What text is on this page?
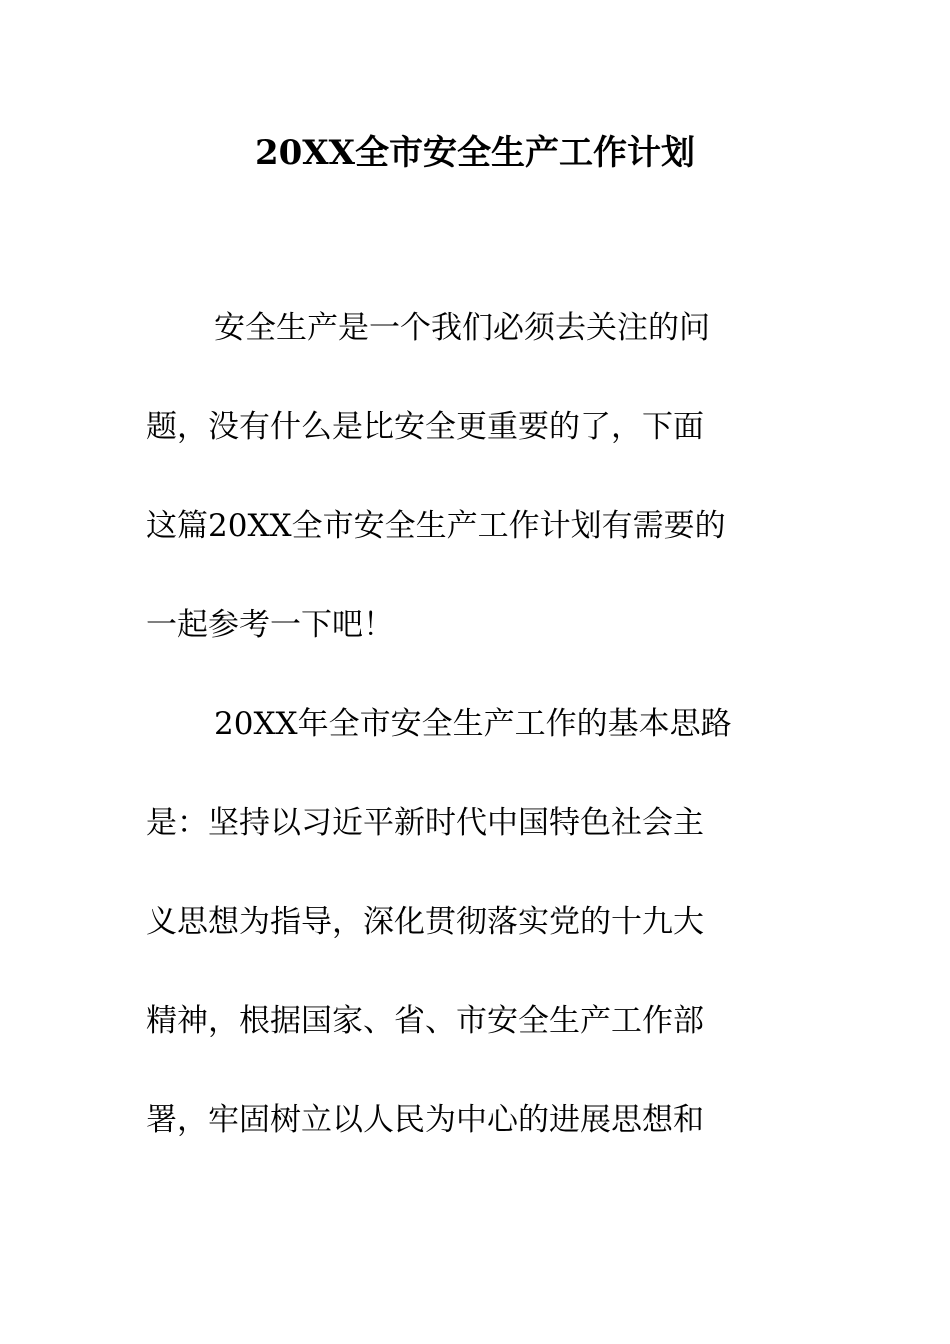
20XX全市安全生产工作计划

安全生产是一个我们必须去关注的问

题，没有什么是比安全更重要的了，下面

这篇20XX全市安全生产工作计划有需要的

一起参考一下吧！

20XX年全市安全生产工作的基本思路

是：坚持以习近平新时代中国特色社会主

义思想为指导，深化贯彻落实党的十九大

精神，根据国家、省、市安全生产工作部

署，牢固树立以人民为中心的进展思想和
